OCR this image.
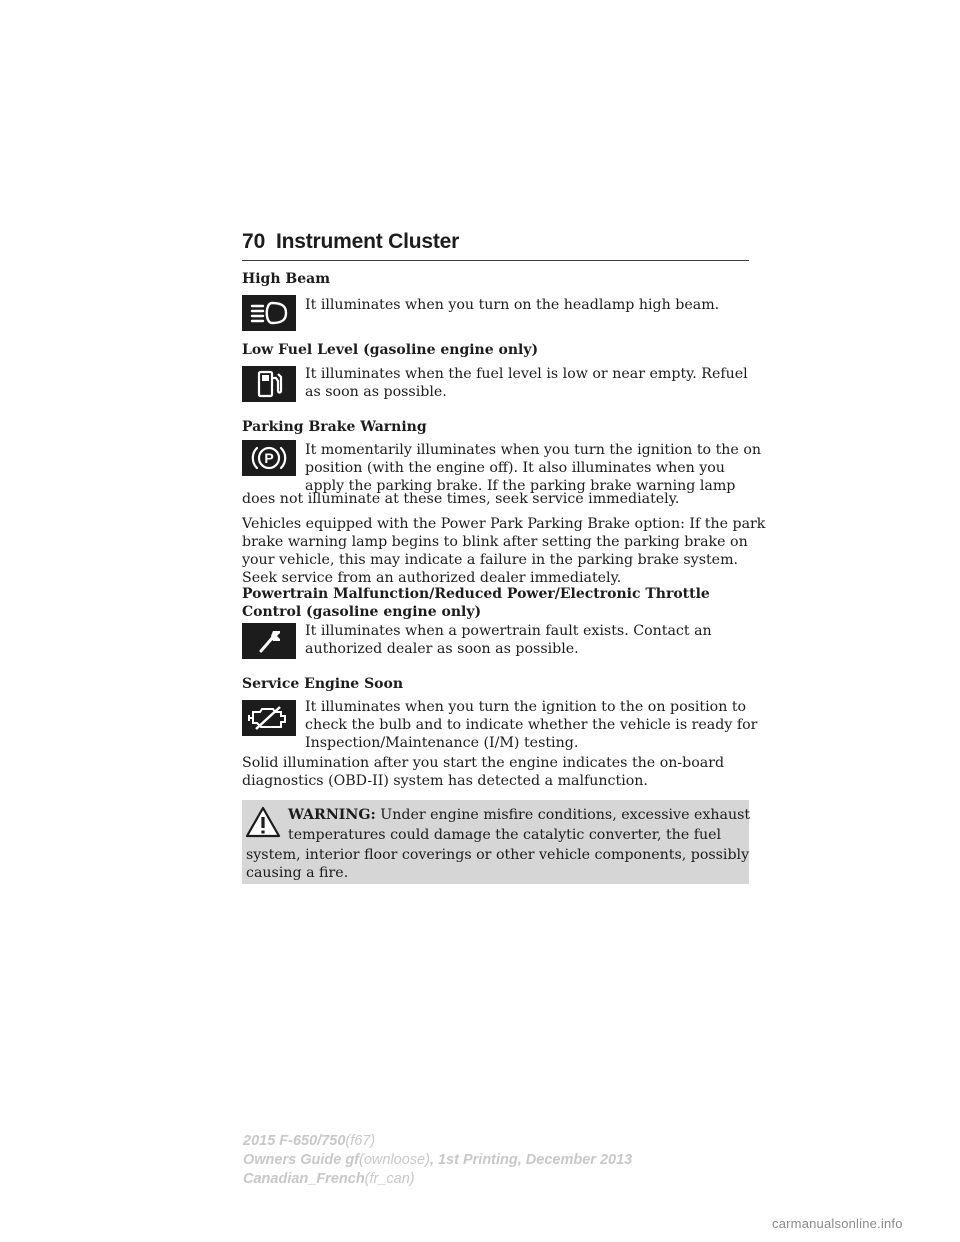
70 Instrument Cluster
High Beam
It illuminates when you turn on the headlamp high beam.
Low Fuel Level (gasoline engine only)
It illuminates when the fuel level is low or near empty. Refuel
as soon as possible.
Parking Brake Warning
P It momentarily illuminates when you turn the ignition to the on
position (with the engine off). It also illuminates when you
apply the parking brake. If the parking brake warning lamp
does not illuminate at these times, seek service immediately.
Vehicles equipped with the Power Park Parking Brake option: If the park
brake warning lamp begins to blink after setting the parking brake on
your vehicle, this may indicate a failure in the parking brake system.
Seek service from an authorized dealer immediately.
Powertrain Malfunction/Reduced Power/Electronic Throttle
Control (gasoline engine only)
It illuminates when a powertrain fault exists. Contact an
authorized dealer as soon as possible.
Service Engine Soon
It illuminates when you turn the ignition to the on position to
check the bulb and to indicate whether the vehicle is ready for
Inspection/Maintenance (I/M) testing.
Solid illumination after you start the engine indicates the on-board
diagnostics (OBD-II) system has detected a malfunction.
WARNING: Under engine misfire conditions, excessive exhaust
temperatures could damage the catalytic converter, the fuel
system, interior floor coverings or other vehicle components, possibly
causing a fire.
2015 F-650/750(f67)
Owners Guide gf(ownloose), 1st Printing, December 2013
Canadian_French(fr_can)
carmanualsonline.info
